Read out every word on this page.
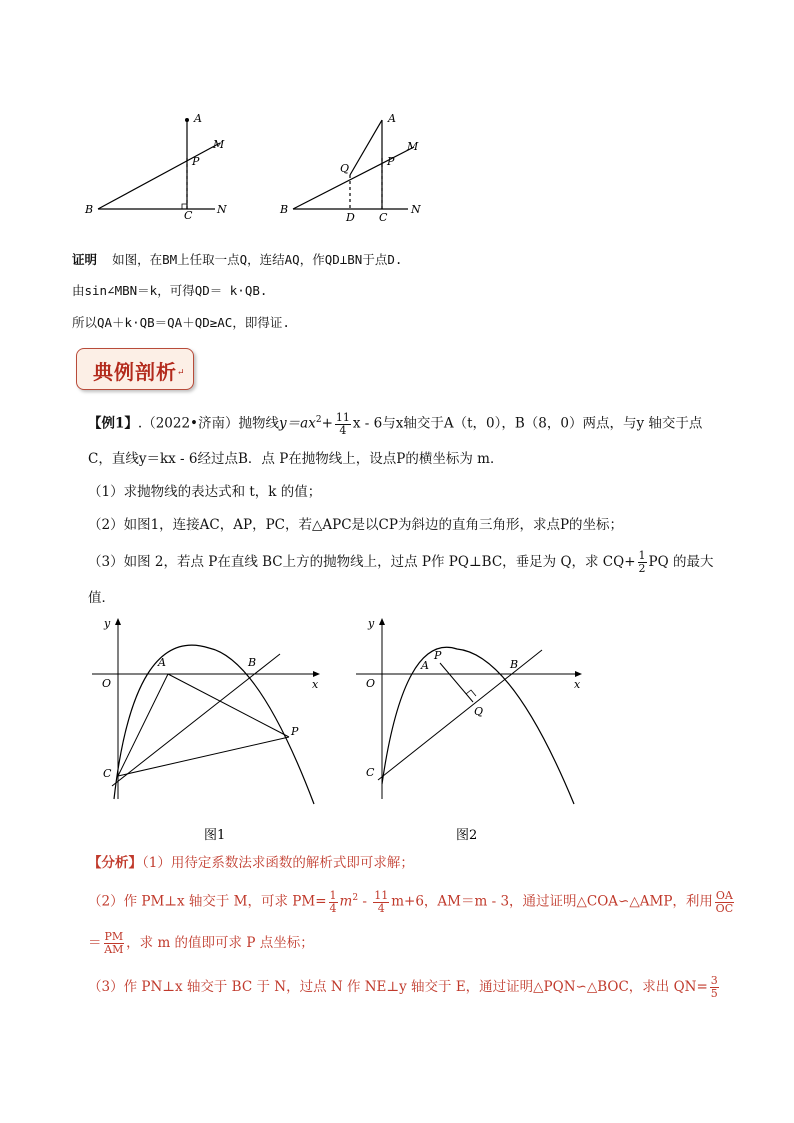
A
M
P
B	C N
A
M
Q
P
B
D C
N
证明 如图，在BM上任取一点Q，连结AQ，作QD⊥BN于点D.
由sin∠MBN＝k，可得QD＝ k·QB.
所以QA＋k·QB＝QA＋QD≥AC，即得证.
典例剖析 ↵
【例1】.（2022•济南）抛物线$y=ax^2+ \frac{11}{4}$ x - 6与x轴交于A（t，0），B（8，0）两点，与y 轴交于点
C，直线y＝kx - 6经过点B．点 P在抛物线上，设点P的横坐标为 m．
（1）求抛物线的表达式和 t，k 的值；
（2）如图1，连接AC，AP，PC，若△APC是以CP为斜边的直角三角形，求点P的坐标；
（3）如图 2，若点 P在直线 BC上方的抛物线上，过点 P作 PQ⊥BC，垂足为 Q，求 $CQ+ \frac{1}{2}$ PQ 的最大
值．
y
x
O
A	B
C
P
图1
y
x
O
A
P
B
C
Q
图2
【分析】（1）用待定系数法求函数的解析式即可求解；
（2）作 PM⊥x 轴交于 M，可求 $PM= \frac{1}{4} m^2 - \frac{11}{4} m+6$，AM＝m - 3，通过证明△COA∽△AMP，利用 $\frac{OA}{OC}$
＝ $\frac{PM}{AM}$ ，求 m 的值即可求 P 点坐标；
（3）作 PN⊥x 轴交于 BC 于 N，过点 N 作 NE⊥y 轴交于 E，通过证明△PQN∽△BOC，求出 $QN= \frac{3}{5}$
